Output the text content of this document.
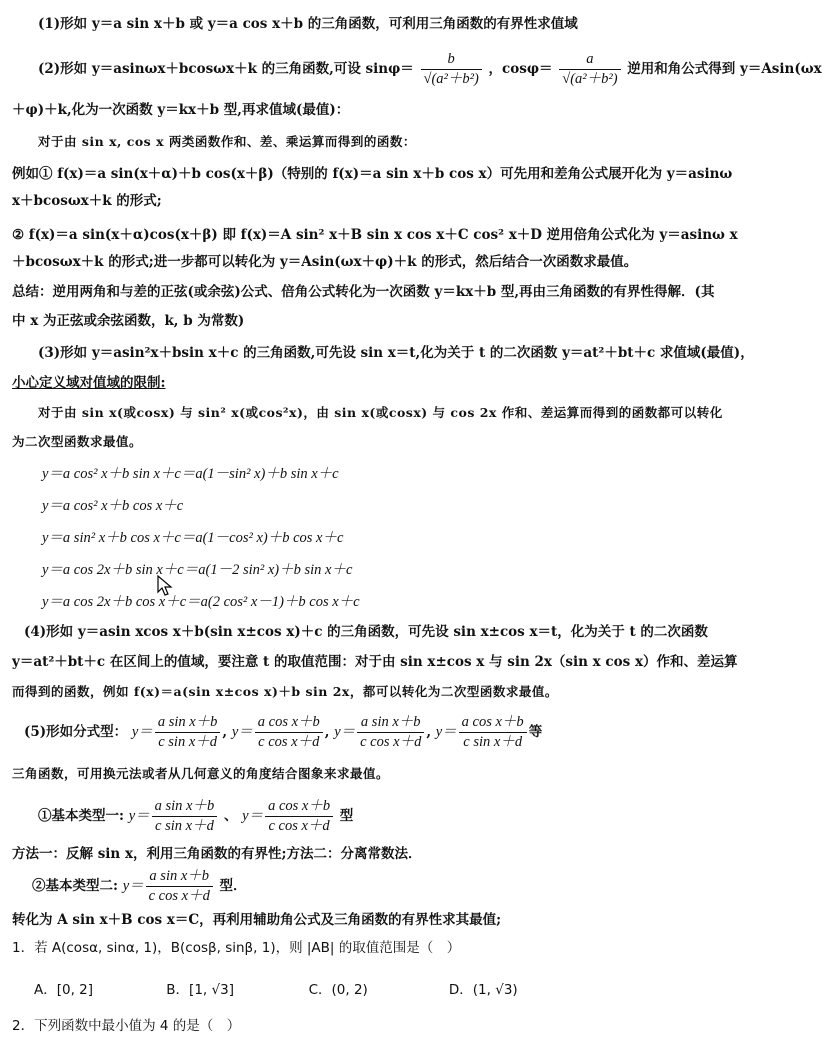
(1)形如 y＝a sin x＋b 或 y＝a cos x＋b 的三角函数，可利用三角函数的有界性求值域
(2)形如 y＝asinωx＋bcosωx＋k 的三角函数,可设 $\sin\varphi= \frac{b}{\text{√(a²＋b²)}}$ ，$\cos\varphi= \frac{a}{\text{√(a²＋b²)}}$ 逆用和角公式得到 y＝Asin(ωx
＋φ)＋k,化为一次函数 y＝kx＋b 型,再求值域(最值)：
对于由 sin x, cos x 两类函数作和、差、乘运算而得到的函数：
例如① f(x)＝a sin(x＋α)＋b cos(x＋β)（特别的 f(x)＝a sin x＋b cos x）可先用和差角公式展开化为 y＝asinω
x＋bcosωx＋k 的形式;
② f(x)＝a sin(x＋α)cos(x＋β) 即 f(x)＝A sin² x＋B sin x cos x＋C cos² x＋D 逆用倍角公式化为 y＝asinω x
＋bcosωx＋k 的形式;进一步都可以转化为 y＝Asin(ωx＋φ)＋k 的形式，然后结合一次函数求最值。
总结：逆用两角和与差的正弦(或余弦)公式、倍角公式转化为一次函数 y＝kx＋b 型,再由三角函数的有界性得解．(其
中 x 为正弦或余弦函数，k, b 为常数)
(3)形如 y＝asin²x＋bsin x＋c 的三角函数,可先设 sin x＝t,化为关于 t 的二次函数 y＝at²＋bt＋c 求值域(最值)，
小心定义域对值域的限制:
对于由 sin x(或cosx) 与 sin² x(或cos²x)，由 sin x(或cosx) 与 cos 2x 作和、差运算而得到的函数都可以转化
为二次型函数求最值。
y＝a cos² x＋b sin x＋c＝a(1－sin² x)＋b sin x＋c
y＝a cos² x＋b cos x＋c
y＝a sin² x＋b cos x＋c＝a(1－cos² x)＋b cos x＋c
y＝a cos 2x＋b sin x＋c＝a(1－2 sin² x)＋b sin x＋c
y＝a cos 2x＋b cos x＋c＝a(2 cos² x－1)＋b cos x＋c
(4)形如 y＝asin xcos x＋b(sin x±cos x)＋c 的三角函数，可先设 sin x±cos x＝t，化为关于 t 的二次函数
y＝at²＋bt＋c 在区间上的值域，要注意 t 的取值范围：对于由 sin x±cos x 与 sin 2x（sin x cos x）作和、差运算
而得到的函数，例如 f(x)＝a(sin x±cos x)＋b sin 2x，都可以转化为二次型函数求最值。
(5)形如分式型： $y= \frac{\text{a sin x＋b}}{\text{c sin x＋d}}$ , $y= \frac{\text{a cos x＋b}}{\text{c cos x＋d}}$ , $y= \frac{\text{a sin x＋b}}{\text{c cos x＋d}}$ , $y= \frac{\text{a cos x＋b}}{\text{c sin x＋d}}$ 等
三角函数，可用换元法或者从几何意义的角度结合图象来求最值。
①基本类型一: $y= \frac{\text{a sin x＋b}}{\text{c sin x＋d}}$ 、 $y= \frac{\text{a cos x＋b}}{\text{c cos x＋d}}$ 型
方法一：反解 sin x，利用三角函数的有界性;方法二：分离常数法．
②基本类型二: $y= \frac{\text{a sin x＋b}}{\text{c cos x＋d}}$ 型．
转化为 A sin x＋B cos x＝C，再利用辅助角公式及三角函数的有界性求其最值;
1．若 A(cosα, sinα, 1)，B(cosβ, sinβ, 1)，则 |AB| 的取值范围是（　）
A．[0, 2]	B．[1, √3]	C．(0, 2)	D．(1, √3)
2．下列函数中最小值为 4 的是（　）
